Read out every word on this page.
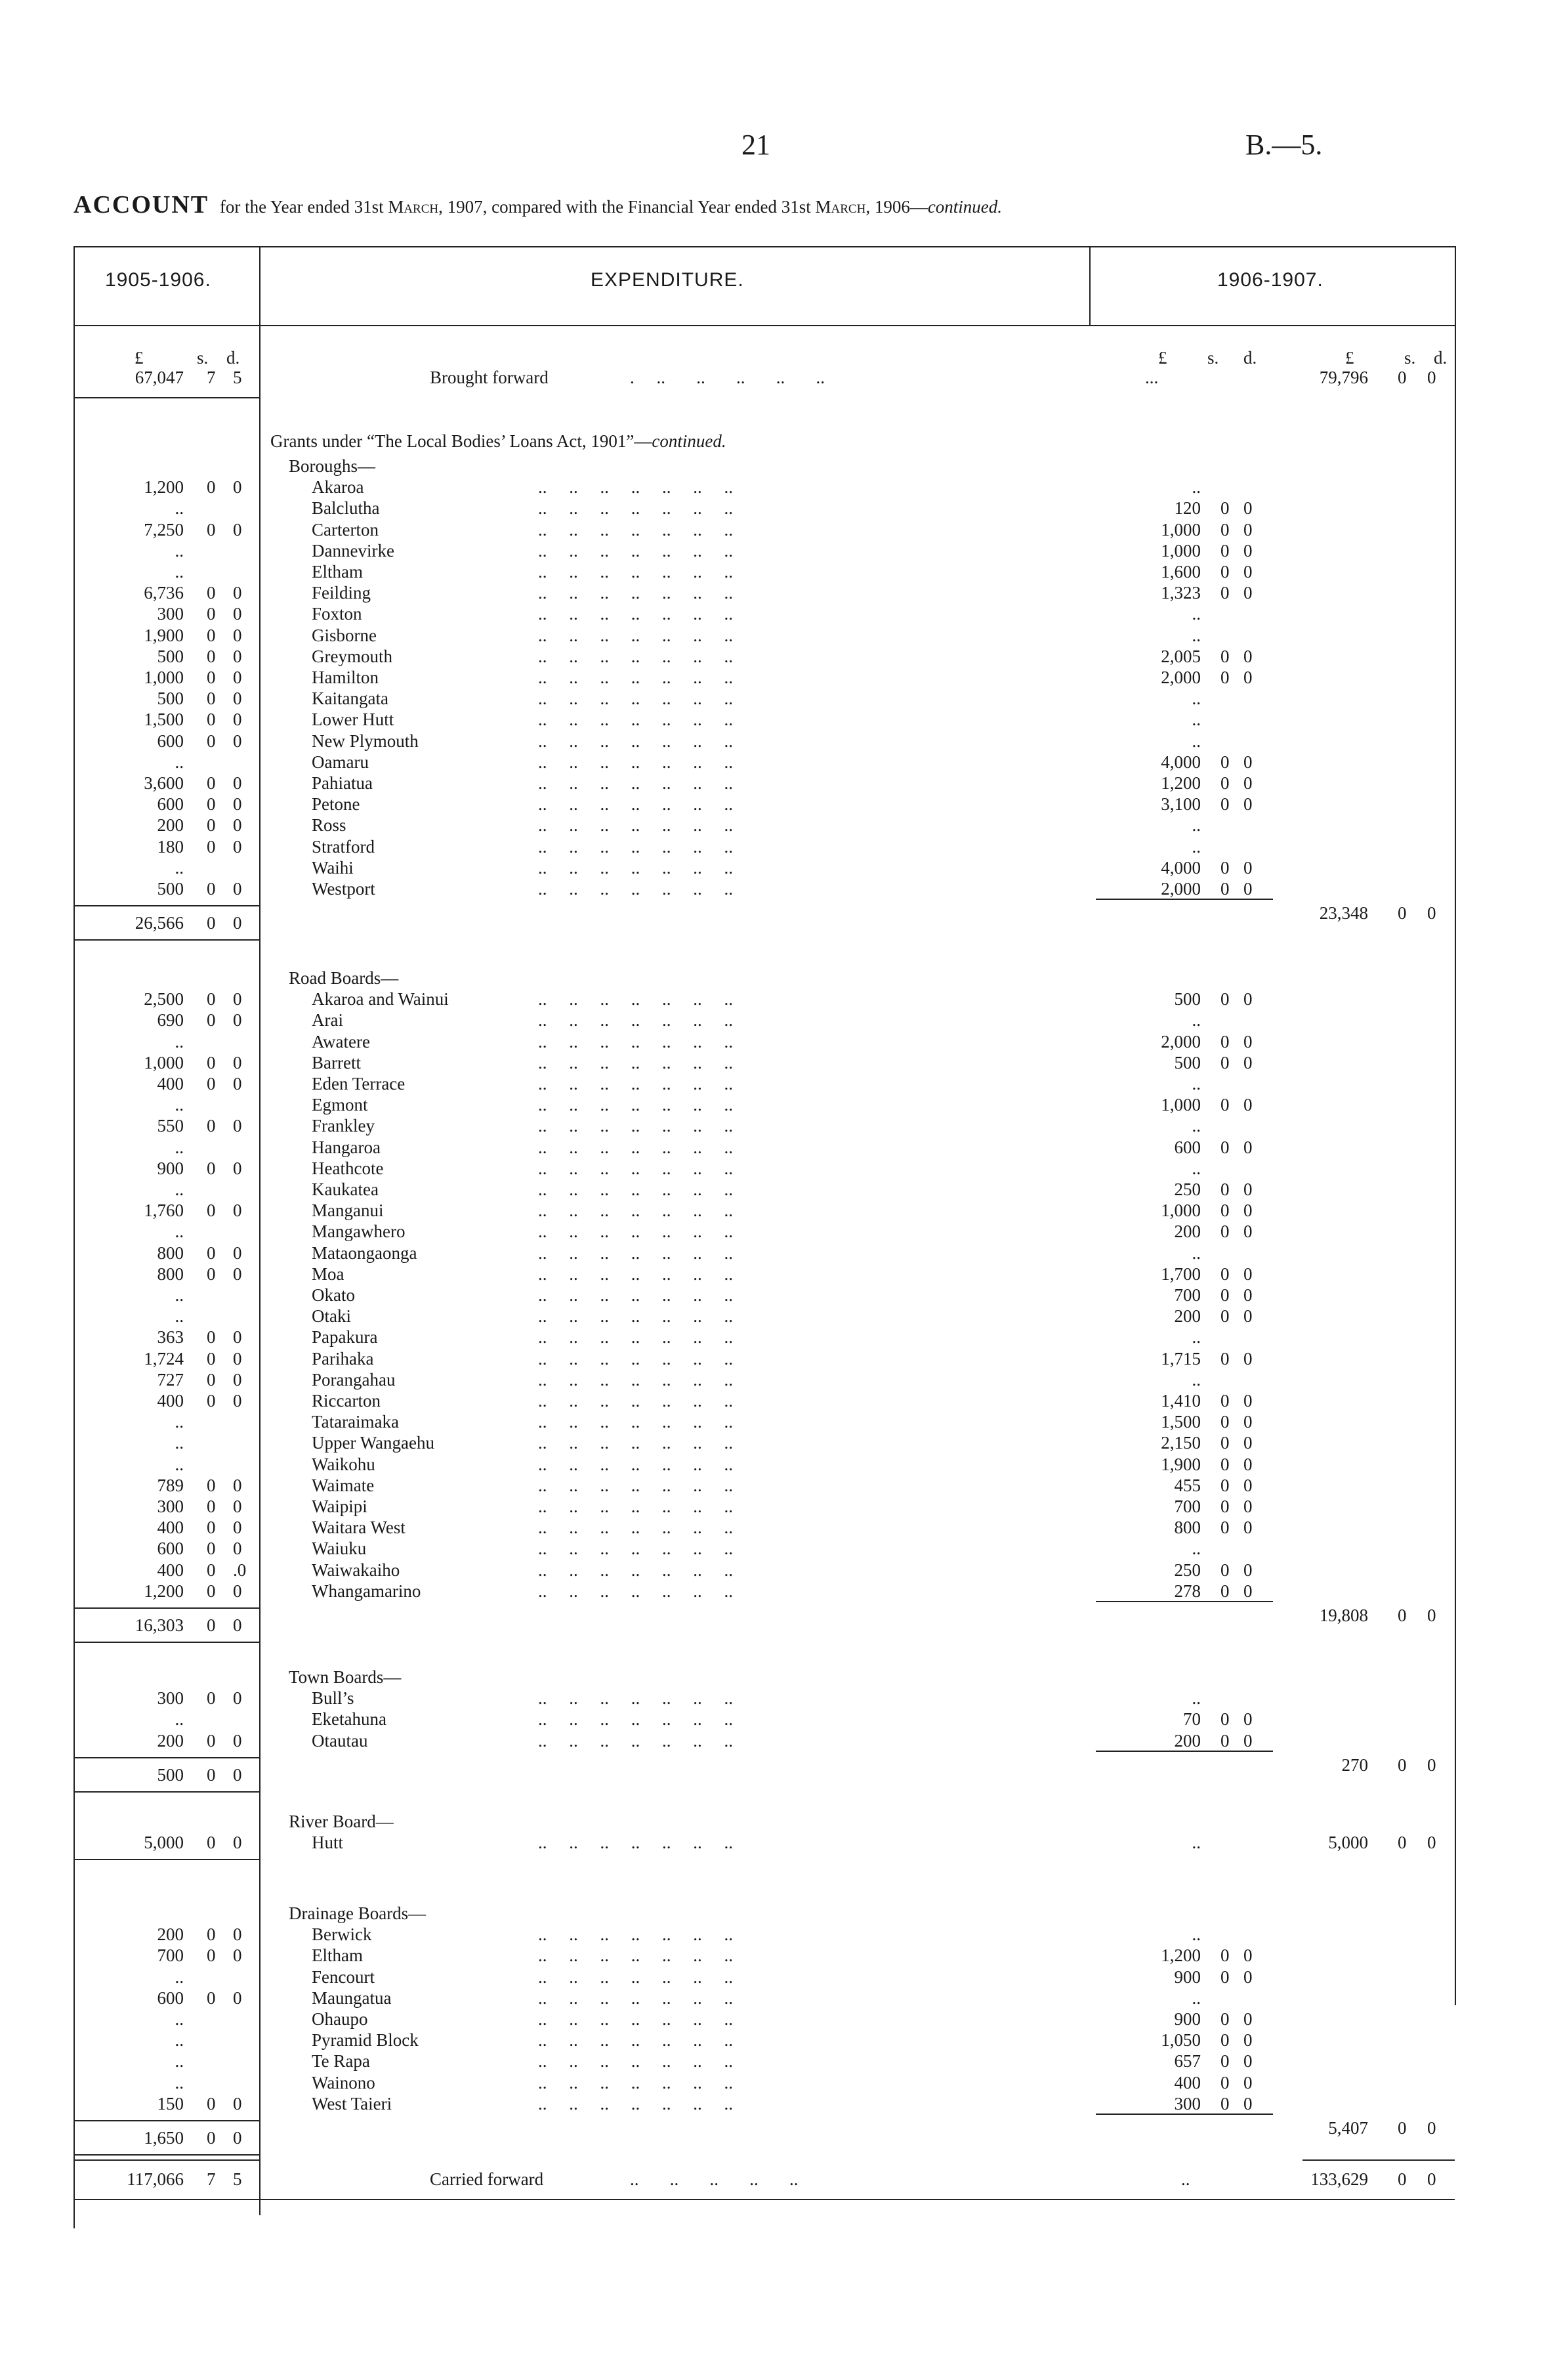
21	B.—5.
ACCOUNT for the Year ended 31st March, 1907, compared with the Financial Year ended 31st March, 1906—continued.
1905-1906.	EXPENDITURE.	1906-1907.
£	s. d.	£ s. d.	£	s. d.
67,047 7 5	Brought forward	.     ..       ..       ..       ..       ..	...	79,796 0 0
Grants under “The Local Bodies’ Loans Act, 1901”—continued.
Boroughs—
1,200 0 0	Akaroa	..     ..     ..     ..     ..     ..     ..	..
..	Balclutha	..     ..     ..     ..     ..     ..     ..	120 0 0
7,250 0 0	Carterton	..     ..     ..     ..     ..     ..     ..	1,000 0 0
..	Dannevirke	..     ..     ..     ..     ..     ..     ..	1,000 0 0
..	Eltham	..     ..     ..     ..     ..     ..     ..	1,600 0 0
6,736 0 0	Feilding	..     ..     ..     ..     ..     ..     ..	1,323 0 0
300 0 0	Foxton	..     ..     ..     ..     ..     ..     ..	..
1,900 0 0	Gisborne	..     ..     ..     ..     ..     ..     ..	..
500 0 0	Greymouth	..     ..     ..     ..     ..     ..     ..	2,005 0 0
1,000 0 0	Hamilton	..     ..     ..     ..     ..     ..     ..	2,000 0 0
500 0 0	Kaitangata	..     ..     ..     ..     ..     ..     ..	..
1,500 0 0	Lower Hutt	..     ..     ..     ..     ..     ..     ..	..
600 0 0	New Plymouth	..     ..     ..     ..     ..     ..     ..	..
..	Oamaru	..     ..     ..     ..     ..     ..     ..	4,000 0 0
3,600 0 0	Pahiatua	..     ..     ..     ..     ..     ..     ..	1,200 0 0
600 0 0	Petone	..     ..     ..     ..     ..     ..     ..	3,100 0 0
200 0 0	Ross	..     ..     ..     ..     ..     ..     ..	..
180 0 0	Stratford	..     ..     ..     ..     ..     ..     ..	..
..	Waihi	..     ..     ..     ..     ..     ..     ..	4,000 0 0
500 0 0	Westport	..     ..     ..     ..     ..     ..     ..	2,000 0 0
26,566 0 0	23,348 0 0
Road Boards—
2,500 0 0	Akaroa and Wainui	..     ..     ..     ..     ..     ..     ..	500 0 0
690 0 0	Arai	..     ..     ..     ..     ..     ..     ..	..
..	Awatere	..     ..     ..     ..     ..     ..     ..	2,000 0 0
1,000 0 0	Barrett	..     ..     ..     ..     ..     ..     ..	500 0 0
400 0 0	Eden Terrace	..     ..     ..     ..     ..     ..     ..	..
..	Egmont	..     ..     ..     ..     ..     ..     ..	1,000 0 0
550 0 0	Frankley	..     ..     ..     ..     ..     ..     ..	..
..	Hangaroa	..     ..     ..     ..     ..     ..     ..	600 0 0
900 0 0	Heathcote	..     ..     ..     ..     ..     ..     ..	..
..	Kaukatea	..     ..     ..     ..     ..     ..     ..	250 0 0
1,760 0 0	Manganui	..     ..     ..     ..     ..     ..     ..	1,000 0 0
..	Mangawhero	..     ..     ..     ..     ..     ..     ..	200 0 0
800 0 0	Mataongaonga	..     ..     ..     ..     ..     ..     ..	..
800 0 0	Moa	..     ..     ..     ..     ..     ..     ..	1,700 0 0
..	Okato	..     ..     ..     ..     ..     ..     ..	700 0 0
..	Otaki	..     ..     ..     ..     ..     ..     ..	200 0 0
363 0 0	Papakura	..     ..     ..     ..     ..     ..     ..	..
1,724 0 0	Parihaka	..     ..     ..     ..     ..     ..     ..	1,715 0 0
727 0 0	Porangahau	..     ..     ..     ..     ..     ..     ..	..
400 0 0	Riccarton	..     ..     ..     ..     ..     ..     ..	1,410 0 0
..	Tataraimaka	..     ..     ..     ..     ..     ..     ..	1,500 0 0
..	Upper Wangaehu	..     ..     ..     ..     ..     ..     ..	2,150 0 0
..	Waikohu	..     ..     ..     ..     ..     ..     ..	1,900 0 0
789 0 0	Waimate	..     ..     ..     ..     ..     ..     ..	455 0 0
300 0 0	Waipipi	..     ..     ..     ..     ..     ..     ..	700 0 0
400 0 0	Waitara West	..     ..     ..     ..     ..     ..     ..	800 0 0
600 0 0	Waiuku	..     ..     ..     ..     ..     ..     ..	..
400 0 .0	Waiwakaiho	..     ..     ..     ..     ..     ..     ..	250 0 0
1,200 0 0	Whangamarino	..     ..     ..     ..     ..     ..     ..	278 0 0
16,303 0 0	19,808 0 0
Town Boards—
300 0 0	Bull’s	..     ..     ..     ..     ..     ..     ..	..
..	Eketahuna	..     ..     ..     ..     ..     ..     ..	70 0 0
200 0 0	Otautau	..     ..     ..     ..     ..     ..     ..	200 0 0
500 0 0	270 0 0
River Board—
5,000 0 0	Hutt	..     ..     ..     ..     ..     ..     ..	..	5,000 0 0
Drainage Boards—
200 0 0	Berwick	..     ..     ..     ..     ..     ..     ..	..
700 0 0	Eltham	..     ..     ..     ..     ..     ..     ..	1,200 0 0
..	Fencourt	..     ..     ..     ..     ..     ..     ..	900 0 0
600 0 0	Maungatua	..     ..     ..     ..     ..     ..     ..	..
..	Ohaupo	..     ..     ..     ..     ..     ..     ..	900 0 0
..	Pyramid Block	..     ..     ..     ..     ..     ..     ..	1,050 0 0
..	Te Rapa	..     ..     ..     ..     ..     ..     ..	657 0 0
..	Wainono	..     ..     ..     ..     ..     ..     ..	400 0 0
150 0 0	West Taieri	..     ..     ..     ..     ..     ..     ..	300 0 0
1,650 0 0	5,407 0 0
117,066 7 5	Carried forward	..       ..       ..       ..       ..	..	133,629 0 0
